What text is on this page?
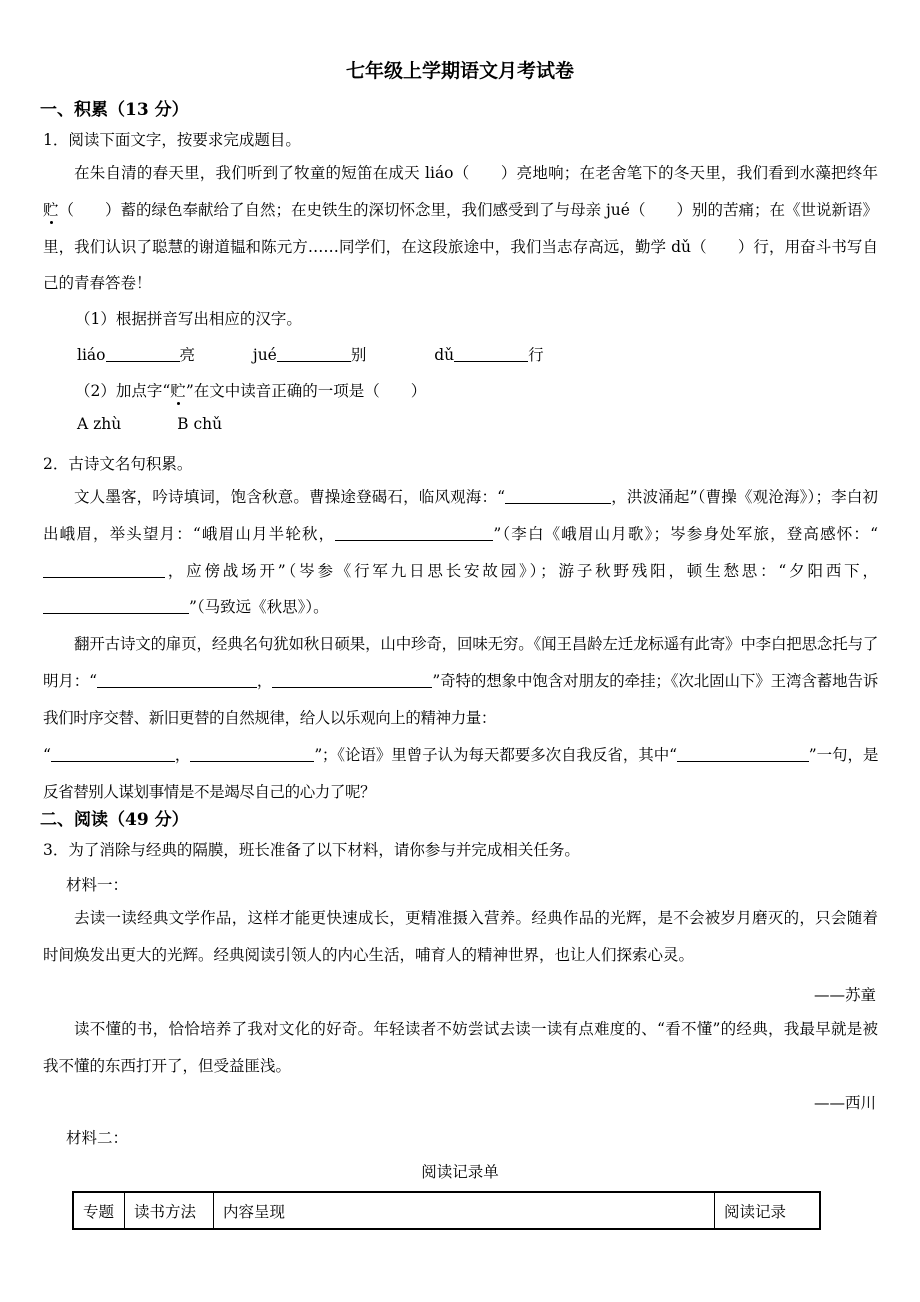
七年级上学期语文月考试卷
一、积累（13 分）
1．阅读下面文字，按要求完成题目。
在朱自清的春天里，我们听到了牧童的短笛在成天 liáo（　　）亮地响；在老舍笔下的冬天里，我们看到水藻把终年贮（　　）蓄的绿色奉献给了自然；在史铁生的深切怀念里，我们感受到了与母亲 jué（　　）别的苦痛；在《世说新语》里，我们认识了聪慧的谢道韫和陈元方……同学们，在这段旅途中，我们当志存高远，勤学 dǔ（　　）行，用奋斗书写自己的青春答卷！
（1）根据拼音写出相应的汉字。
liáo	亮	jué	别	dǔ	行
（2）加点字“贮”在文中读音正确的一项是（　　）
A zhù	B chǔ
2．古诗文名句积累。
文人墨客，吟诗填词，饱含秋意。曹操途登碣石，临风观海：“	，洪波涌起”（曹操《观沧海》）；李白初出峨眉，举头望月：“峨眉山月半轮秋，	”（李白《峨眉山月歌》；岑参身处军旅，登高感怀：“，应傍战场开”（岑参《行军九日思长安故园》）；游子秋野残阳，顿生愁思：“夕阳西下，”（马致远《秋思》）。
翻开古诗文的扉页，经典名句犹如秋日硕果，山中珍奇，回味无穷。《闻王昌龄左迁龙标遥有此寄》中李白把思念托与了明月：“	，	”奇特的想象中饱含对朋友的牵挂；《次北固山下》王湾含蓄地告诉我们时序交替、新旧更替的自然规律，给人以乐观向上的精神力量：
“	，	”；《论语》里曾子认为每天都要多次自我反省，其中“	”一句，是反省替别人谋划事情是不是竭尽自己的心力了呢？
二、阅读（49 分）
3．为了消除与经典的隔膜，班长准备了以下材料，请你参与并完成相关任务。
材料一：
去读一读经典文学作品，这样才能更快速成长，更精准摄入营养。经典作品的光辉，是不会被岁月磨灭的，只会随着时间焕发出更大的光辉。经典阅读引领人的内心生活，哺育人的精神世界，也让人们探索心灵。
——苏童
读不懂的书，恰恰培养了我对文化的好奇。年轻读者不妨尝试去读一读有点难度的、“看不懂”的经典，我最早就是被我不懂的东西打开了，但受益匪浅。
——西川
材料二：
阅读记录单
专题	读书方法	内容呈现	阅读记录
